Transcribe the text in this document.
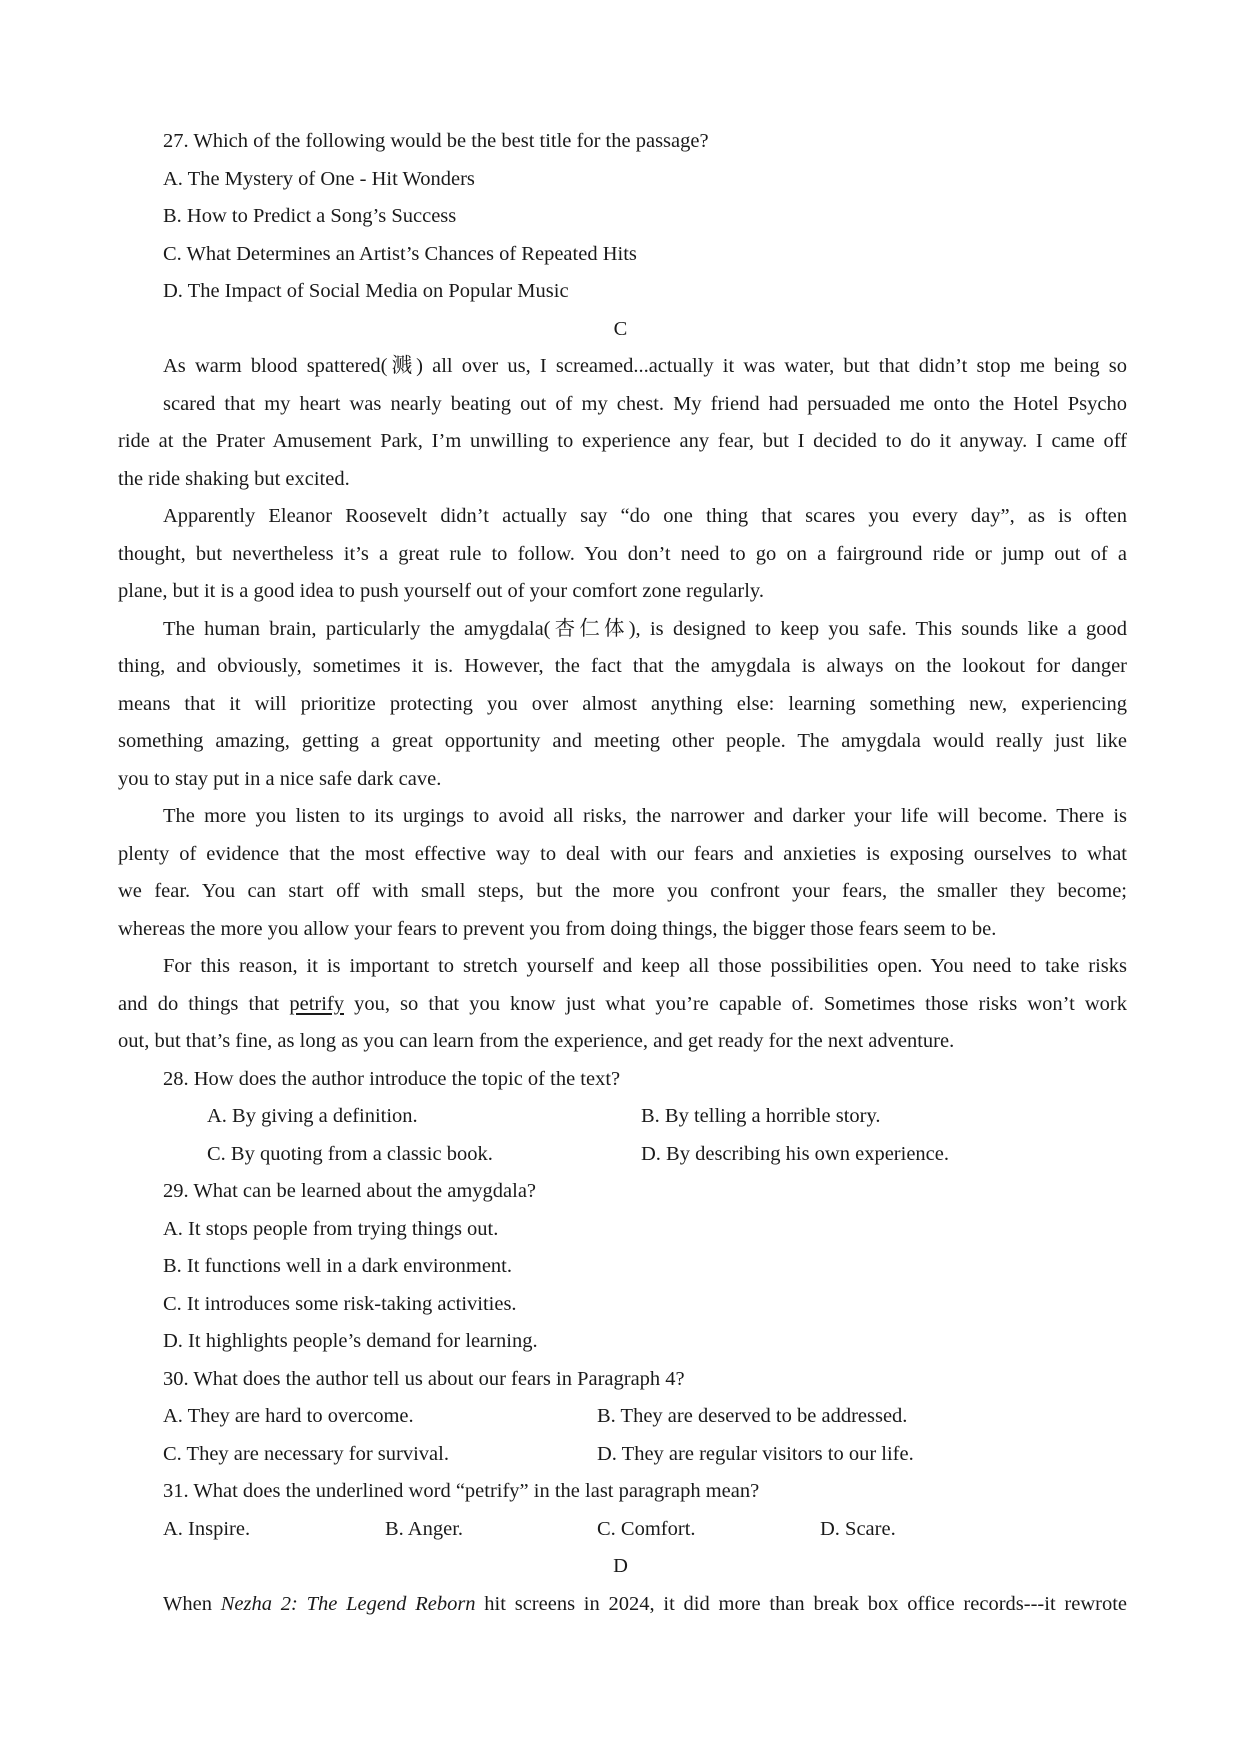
27. Which of the following would be the best title for the passage?
A. The Mystery of One - Hit Wonders
B. How to Predict a Song’s Success
C. What Determines an Artist’s Chances of Repeated Hits
D. The Impact of Social Media on Popular Music
C
As warm blood spattered(溅) all over us, I screamed...actually it was water, but that didn’t stop me being so
scared that my heart was nearly beating out of my chest. My friend had persuaded me onto the Hotel Psycho
ride at the Prater Amusement Park, I’m unwilling to experience any fear, but I decided to do it anyway. I came off
the ride shaking but excited.
Apparently Eleanor Roosevelt didn’t actually say “do one thing that scares you every day”, as is often
thought, but nevertheless it’s a great rule to follow. You don’t need to go on a fairground ride or jump out of a
plane, but it is a good idea to push yourself out of your comfort zone regularly.
The human brain, particularly the amygdala(杏仁体), is designed to keep you safe. This sounds like a good
thing, and obviously, sometimes it is. However, the fact that the amygdala is always on the lookout for danger
means that it will prioritize protecting you over almost anything else: learning something new, experiencing
something amazing, getting a great opportunity and meeting other people. The amygdala would really just like
you to stay put in a nice safe dark cave.
The more you listen to its urgings to avoid all risks, the narrower and darker your life will become. There is
plenty of evidence that the most effective way to deal with our fears and anxieties is exposing ourselves to what
we fear. You can start off with small steps, but the more you confront your fears, the smaller they become;
whereas the more you allow your fears to prevent you from doing things, the bigger those fears seem to be.
For this reason, it is important to stretch yourself and keep all those possibilities open. You need to take risks
and do things that petrify you, so that you know just what you’re capable of. Sometimes those risks won’t work
out, but that’s fine, as long as you can learn from the experience, and get ready for the next adventure.
28. How does the author introduce the topic of the text?
A. By giving a definition.	B. By telling a horrible story.
C. By quoting from a classic book.	D. By describing his own experience.
29. What can be learned about the amygdala?
A. It stops people from trying things out.
B. It functions well in a dark environment.
C. It introduces some risk-taking activities.
D. It highlights people’s demand for learning.
30. What does the author tell us about our fears in Paragraph 4?
A. They are hard to overcome.	B. They are deserved to be addressed.
C. They are necessary for survival.	D. They are regular visitors to our life.
31. What does the underlined word “petrify” in the last paragraph mean?
A. Inspire.	B. Anger.	C. Comfort.	D. Scare.
D
When Nezha 2: The Legend Reborn hit screens in 2024, it did more than break box office records---it rewrote
